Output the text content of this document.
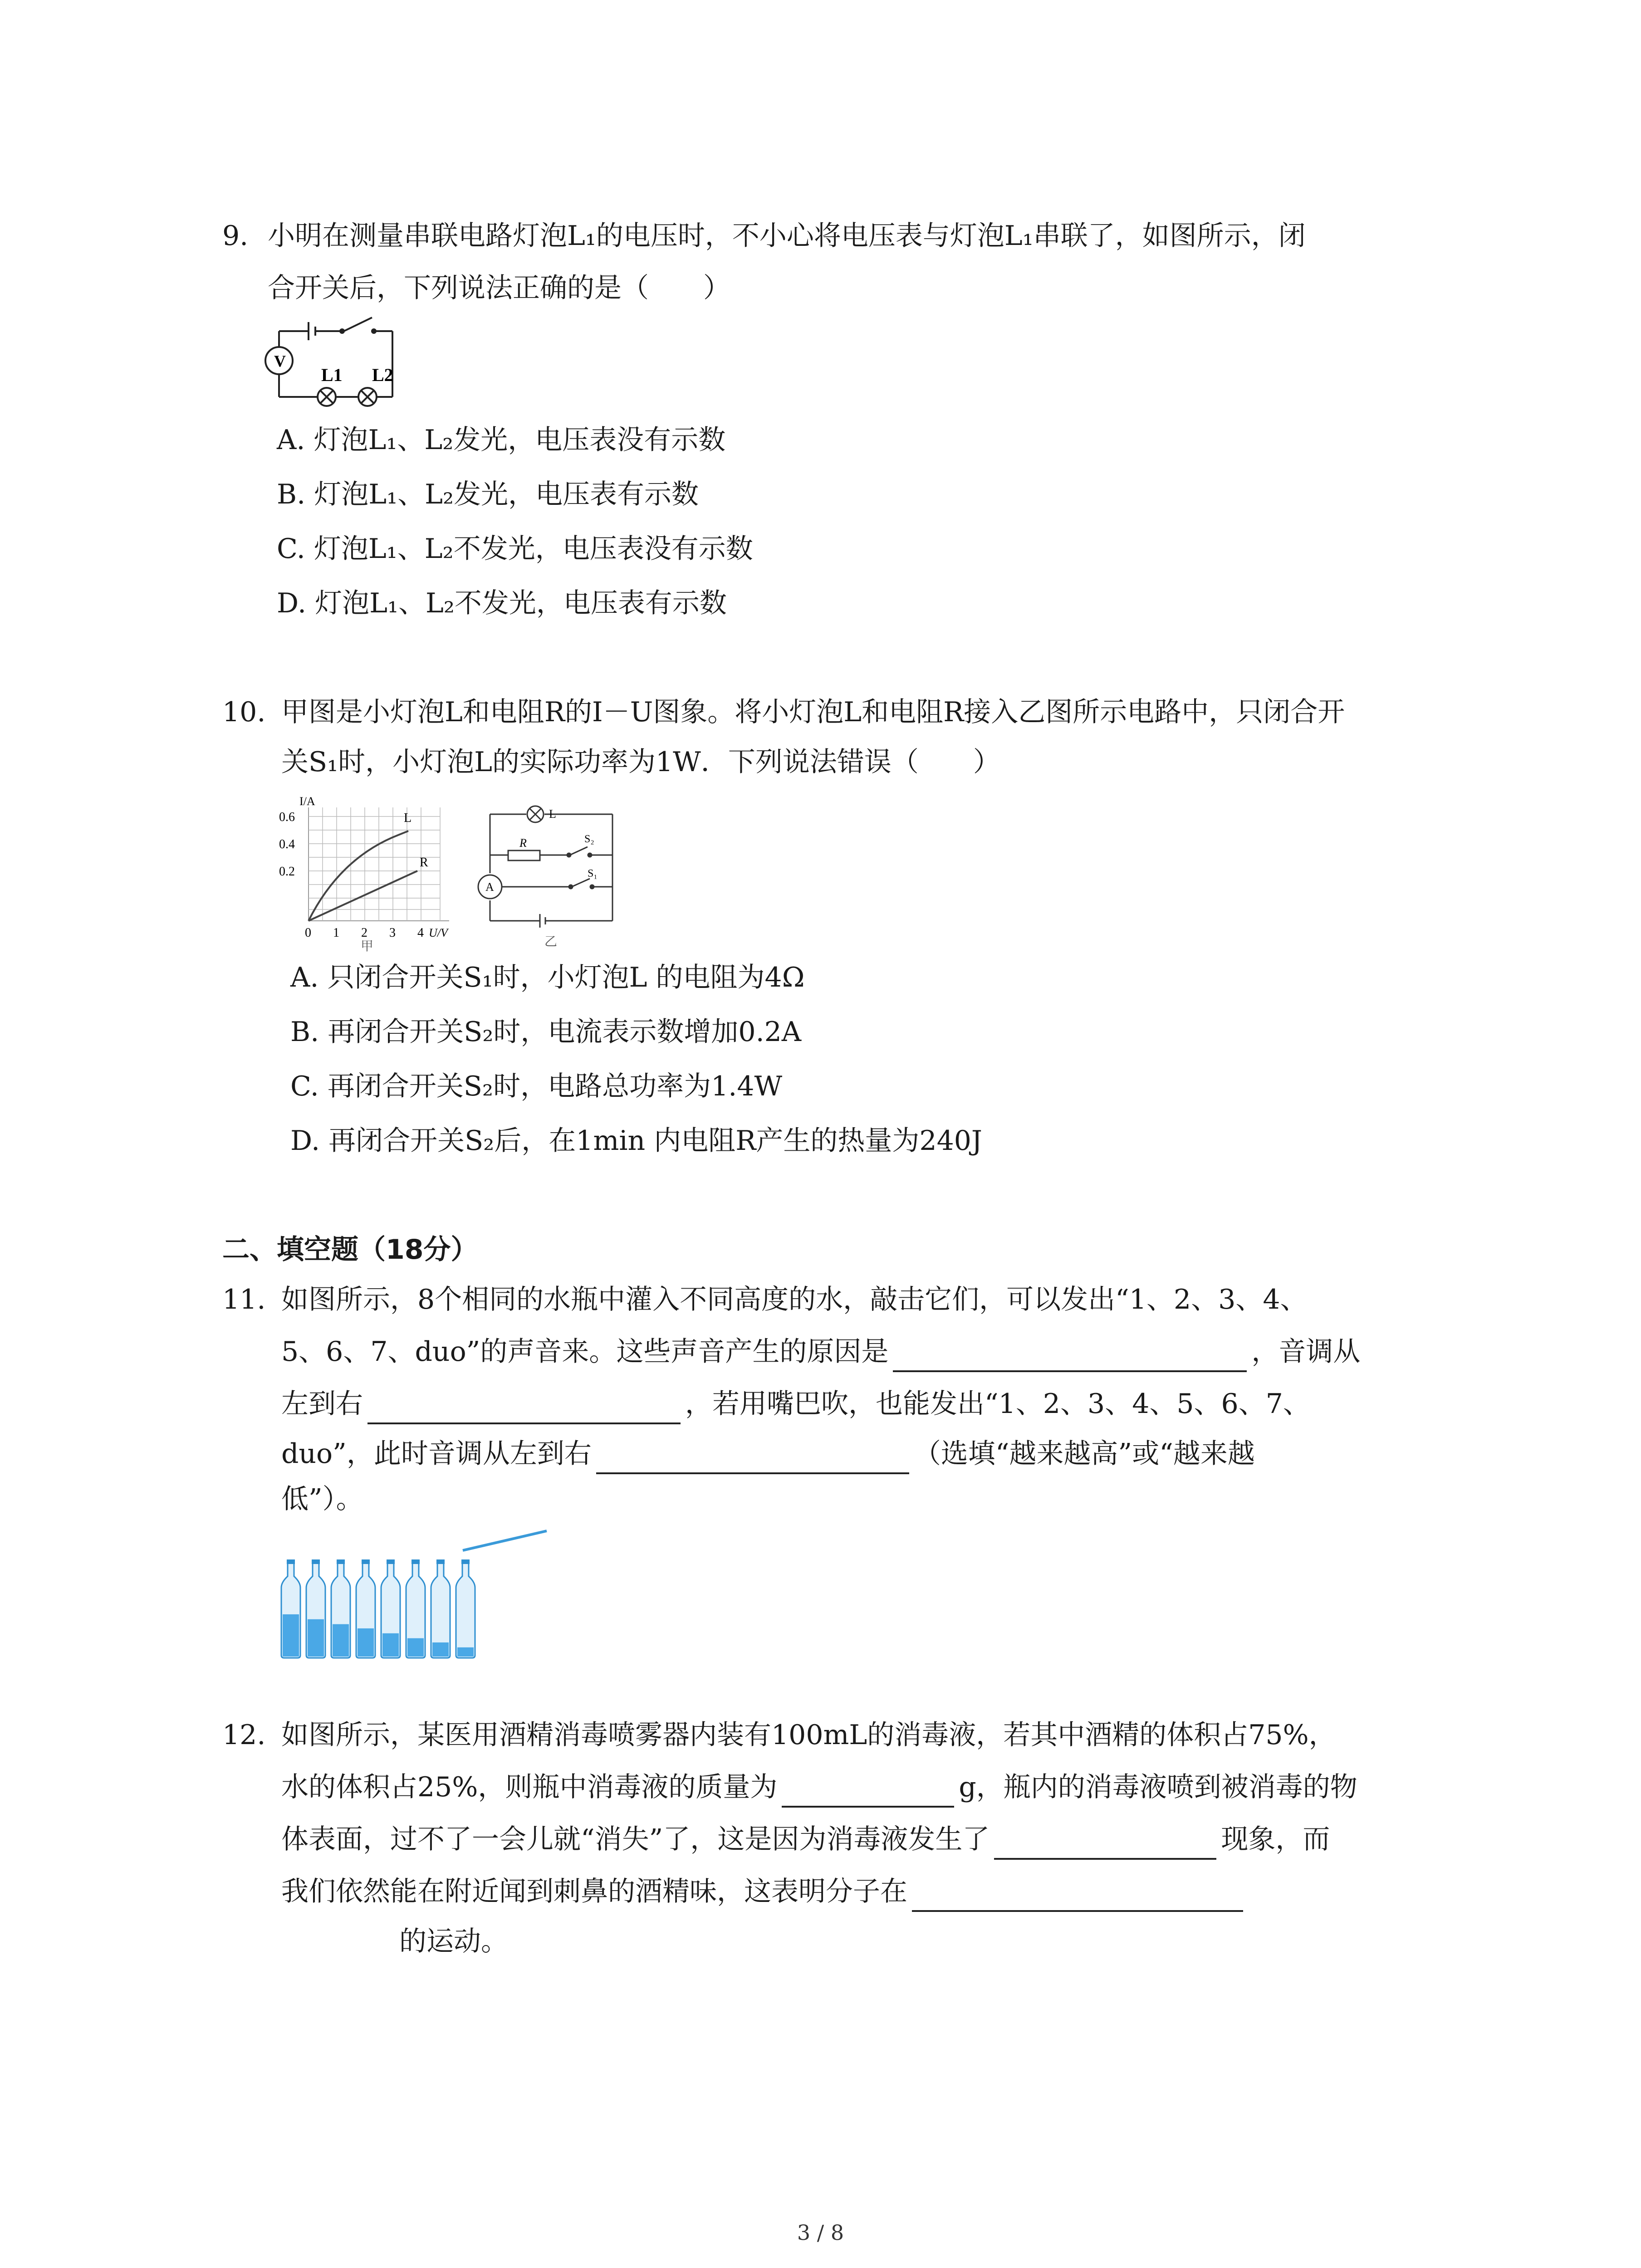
9. 小明在测量串联电路灯泡L₁的电压时，不小心将电压表与灯泡L₁串联了，如图所示，闭
合开关后，下列说法正确的是（　　）
V
L1 L2
A. 灯泡L₁、L₂发光，电压表没有示数
B. 灯泡L₁、L₂发光，电压表有示数
C. 灯泡L₁、L₂不发光，电压表没有示数
D. 灯泡L₁、L₂不发光，电压表有示数
10. 甲图是小灯泡L和电阻R的I－U图象。将小灯泡L和电阻R接入乙图所示电路中，只闭合开
关S₁时，小灯泡L的实际功率为1W．下列说法错误（　　）
I/A
0.6
0.4
0.2
0 1 2 3 4 U/V
L
R
甲
L
R	S₂
S₁
A
乙
A. 只闭合开关S₁时，小灯泡L 的电阻为4Ω
B. 再闭合开关S₂时，电流表示数增加0.2A
C. 再闭合开关S₂时，电路总功率为1.4W
D. 再闭合开关S₂后，在1min 内电阻R产生的热量为240J
二、填空题（18分）
11. 如图所示，8个相同的水瓶中灌入不同高度的水，敲击它们，可以发出“1、2、3、4、
5、6、7、duo”的声音来。这些声音产生的原因是	，音调从
左到右	，若用嘴巴吹，也能发出“1、2、3、4、5、6、7、
duo”，此时音调从左到右	（选填“越来越高”或“越来越
低”）。
12. 如图所示，某医用酒精消毒喷雾器内装有100mL的消毒液，若其中酒精的体积占75%，
水的体积占25%，则瓶中消毒液的质量为	g，瓶内的消毒液喷到被消毒的物
体表面，过不了一会儿就“消失”了，这是因为消毒液发生了	现象，而
我们依然能在附近闻到刺鼻的酒精味，这表明分子在
的运动。
3 / 8
